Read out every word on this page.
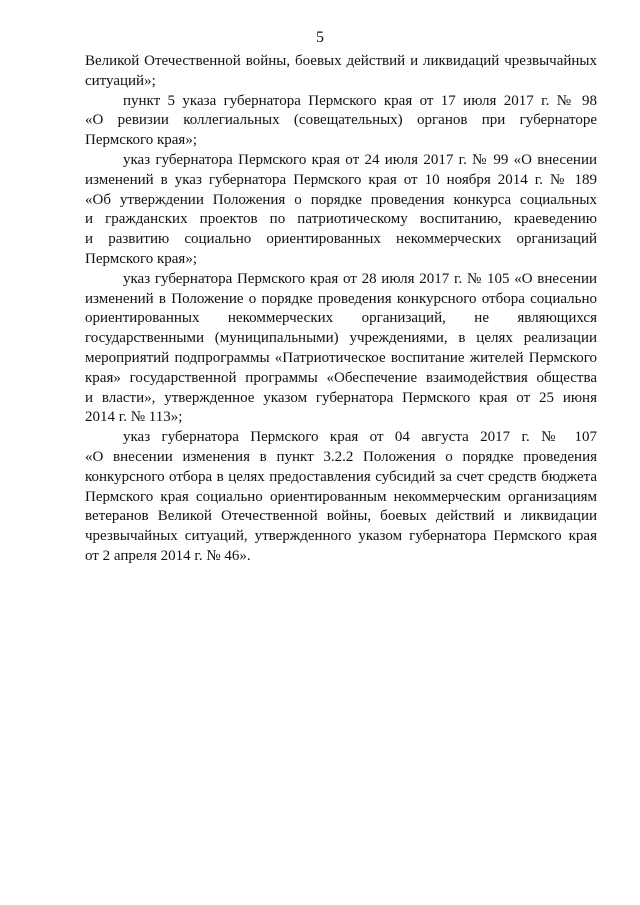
5
Великой Отечественной войны, боевых действий и ликвидаций чрезвычайных
ситуаций»;
пункт 5 указа губернатора Пермского края от 17 июля 2017 г. № 98
«О ревизии коллегиальных (совещательных) органов при губернаторе
Пермского края»;
указ губернатора Пермского края от 24 июля 2017 г. № 99 «О внесении
изменений в указ губернатора Пермского края от 10 ноября 2014 г. № 189
«Об утверждении Положения о порядке проведения конкурса социальных
и гражданских проектов по патриотическому воспитанию, краеведению
и развитию социально ориентированных некоммерческих организаций
Пермского края»;
указ губернатора Пермского края от 28 июля 2017 г. № 105 «О внесении
изменений в Положение о порядке проведения конкурсного отбора социально
ориентированных некоммерческих организаций, не являющихся
государственными (муниципальными) учреждениями, в целях реализации
мероприятий подпрограммы «Патриотическое воспитание жителей Пермского
края» государственной программы «Обеспечение взаимодействия общества
и власти», утвержденное указом губернатора Пермского края от 25 июня
2014 г. № 113»;
указ губернатора Пермского края от 04 августа 2017 г. № 107
«О внесении изменения в пункт 3.2.2 Положения о порядке проведения
конкурсного отбора в целях предоставления субсидий за счет средств бюджета
Пермского края социально ориентированным некоммерческим организациям
ветеранов Великой Отечественной войны, боевых действий и ликвидации
чрезвычайных ситуаций, утвержденного указом губернатора Пермского края
от 2 апреля 2014 г. № 46».
